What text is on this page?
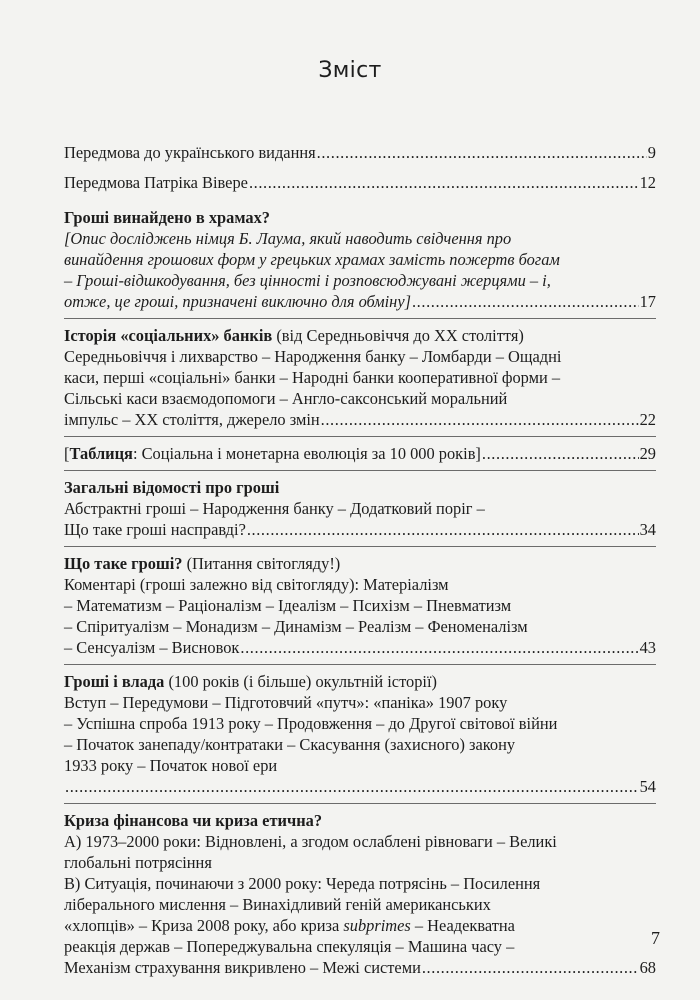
Зміст
Передмова до українського видання .....	9
Передмова Патріка Вівере .....	12
Гроші винайдено в храмах?
[Опис досліджень німця Б. Лаума, який наводить свідчення про
винайдення грошових форм у грецьких храмах замість пожертв богам
– Гроші-відшкодування, без цінності і розповсюджувані жерцями – і,
отже, це гроші, призначені виключно для обміну] .....	17
Історія «соціальних» банків (від Середньовіччя до ХХ століття)
Середньовіччя і лихварство – Народження банку – Ломбарди – Ощадні
каси, перші «соціальні» банки – Народні банки кооперативної форми –
Сільські каси взаємодопомоги – Англо-саксонський моральний
імпульс – ХХ століття, джерело змін .....	22
[Таблиця: Соціальна і монетарна еволюція за 10 000 років] .....	29
Загальні відомості про гроші
Абстрактні гроші – Народження банку – Додатковий поріг –
Що таке гроші насправді? .....	34
Що таке гроші? (Питання світогляду!)
Коментарі (гроші залежно від світогляду): Матеріалізм
– Математизм – Раціоналізм – Ідеалізм – Психізм – Пневматизм
– Спіритуалізм – Монадизм – Динамізм – Реалізм – Феноменалізм
– Сенсуалізм – Висновок .....	43
Гроші і влада (100 років (і більше) окультній історії)
Вступ – Передумови – Підготовчий «путч»: «паніка» 1907 року
– Успішна спроба 1913 року – Продовження – до Другої світової війни
– Початок занепаду/контратаки – Скасування (захисного) закону
1933 року – Початок нової ери
.....
54
Криза фінансова чи криза етична?
А) 1973–2000 роки: Відновлені, а згодом ослаблені рівноваги – Великі
глобальні потрясіння
В) Ситуація, починаючи з 2000 року: Череда потрясінь – Посилення
ліберального мислення – Винахідливий геній американських
«хлопців» – Криза 2008 року, або криза subprimes – Неадекватна
реакція держав – Попереджувальна спекуляція – Машина часу –
Механізм страхування викривлено – Межі системи .....	68
7
